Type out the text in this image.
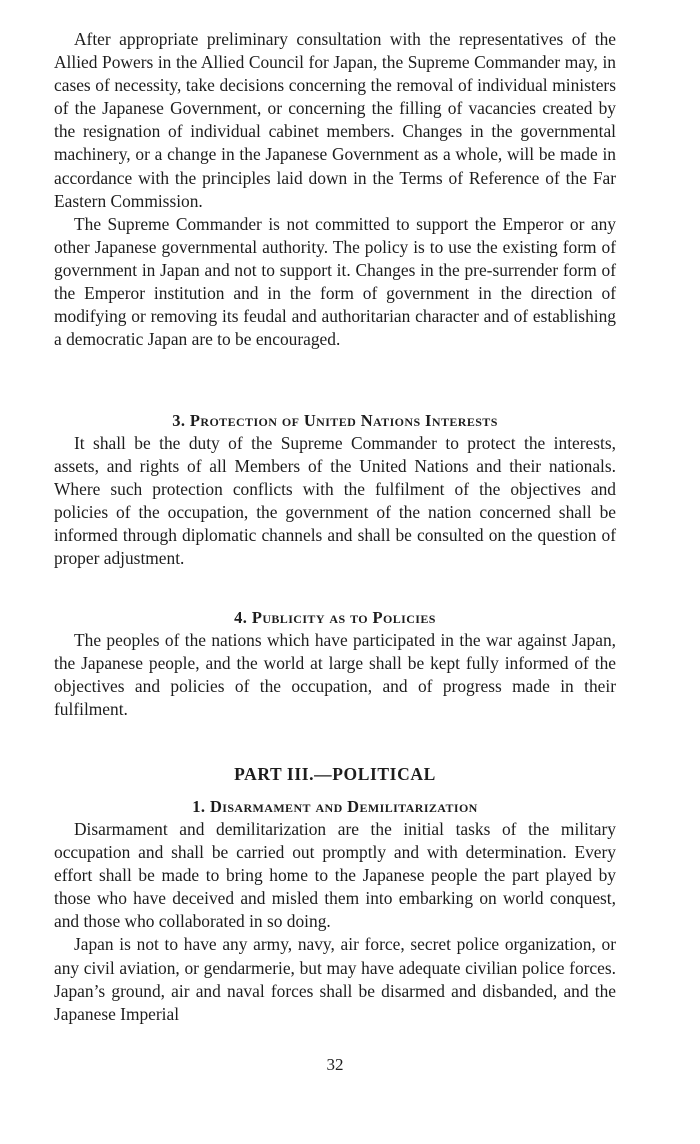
After appropriate preliminary consultation with the representatives of the Allied Powers in the Allied Council for Japan, the Supreme Commander may, in cases of necessity, take decisions concerning the removal of individual ministers of the Japanese Government, or concerning the filling of vacancies created by the resignation of individual cabinet members. Changes in the governmental machinery, or a change in the Japanese Government as a whole, will be made in accordance with the principles laid down in the Terms of Reference of the Far Eastern Commission.

The Supreme Commander is not committed to support the Emperor or any other Japanese governmental authority. The policy is to use the existing form of government in Japan and not to support it. Changes in the pre-surrender form of the Emperor institution and in the form of government in the direction of modifying or removing its feudal and authoritarian character and of establishing a democratic Japan are to be encouraged.

3. Protection of United Nations Interests

It shall be the duty of the Supreme Commander to protect the interests, assets, and rights of all Members of the United Nations and their nationals. Where such protection conflicts with the fulfilment of the objectives and policies of the occupation, the government of the nation concerned shall be informed through diplomatic channels and shall be consulted on the question of proper adjustment.

4. Publicity as to Policies

The peoples of the nations which have participated in the war against Japan, the Japanese people, and the world at large shall be kept fully informed of the objectives and policies of the occupation, and of progress made in their fulfilment.

PART III.—POLITICAL
1. Disarmament and Demilitarization

Disarmament and demilitarization are the initial tasks of the military occupation and shall be carried out promptly and with determination. Every effort shall be made to bring home to the Japanese people the part played by those who have deceived and misled them into embarking on world conquest, and those who collaborated in so doing.

Japan is not to have any army, navy, air force, secret police organization, or any civil aviation, or gendarmerie, but may have adequate civilian police forces. Japan’s ground, air and naval forces shall be disarmed and disbanded, and the Japanese Imperial

32
